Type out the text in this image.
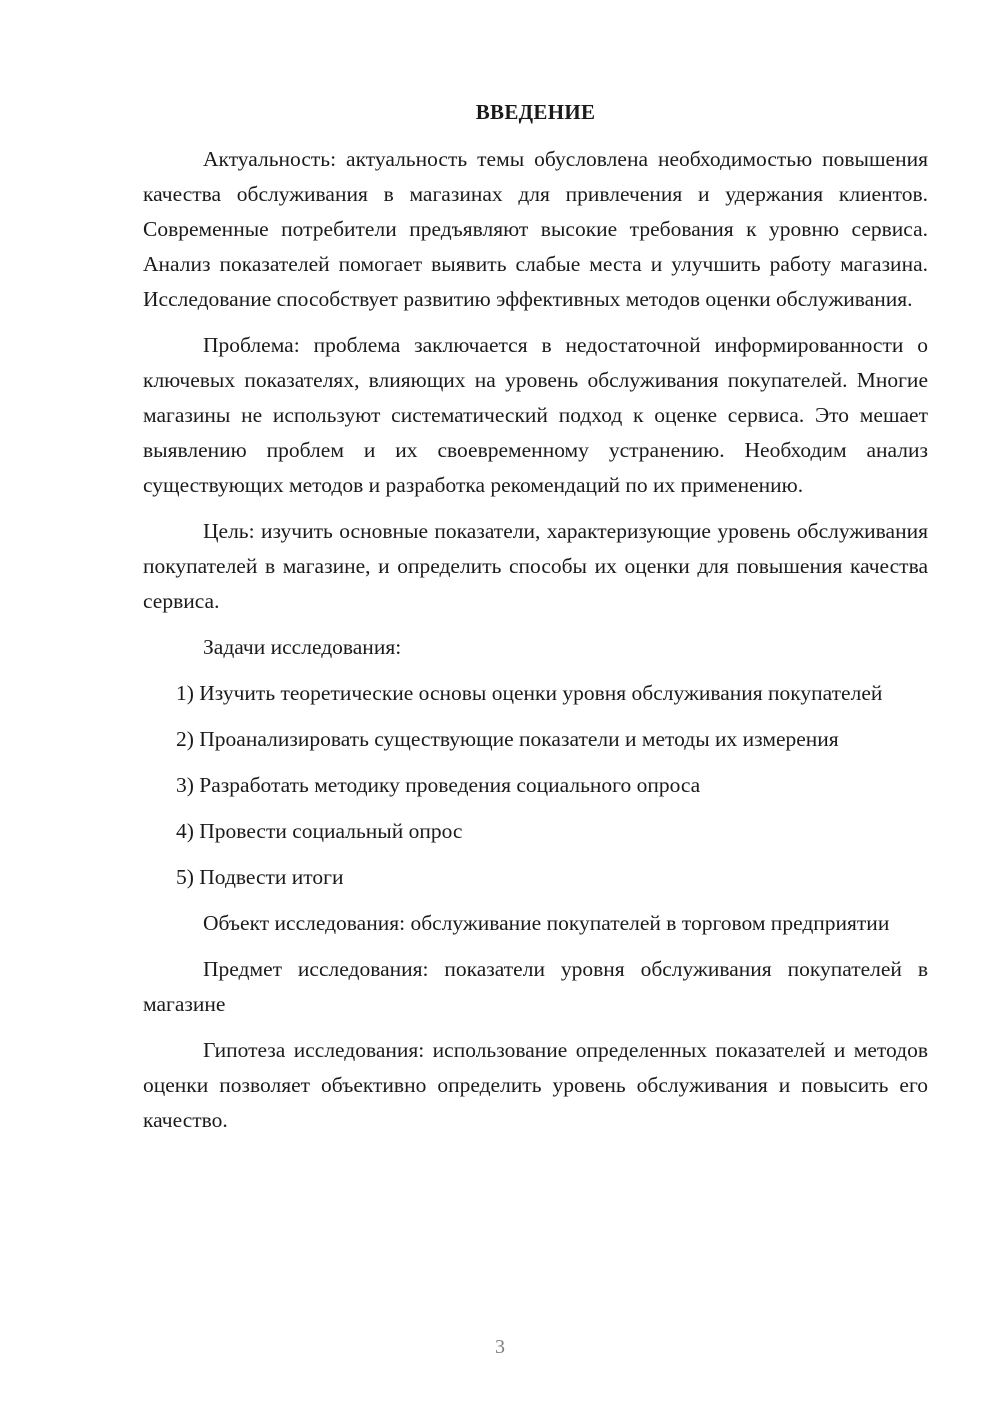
ВВЕДЕНИЕ

Актуальность: актуальность темы обусловлена необходимостью повышения качества обслуживания в магазинах для привлечения и удержания клиентов. Современные потребители предъявляют высокие требования к уровню сервиса. Анализ показателей помогает выявить слабые места и улучшить работу магазина. Исследование способствует развитию эффективных методов оценки обслуживания.

Проблема: проблема заключается в недостаточной информированности о ключевых показателях, влияющих на уровень обслуживания покупателей. Многие магазины не используют систематический подход к оценке сервиса. Это мешает выявлению проблем и их своевременному устранению. Необходим анализ существующих методов и разработка рекомендаций по их применению.

Цель: изучить основные показатели, характеризующие уровень обслуживания покупателей в магазине, и определить способы их оценки для повышения качества сервиса.

Задачи исследования:

1) Изучить теоретические основы оценки уровня обслуживания покупателей

2) Проанализировать существующие показатели и методы их измерения

3) Разработать методику проведения социального опроса

4) Провести социальный опрос

5) Подвести итоги

Объект исследования: обслуживание покупателей в торговом предприятии

Предмет исследования: показатели уровня обслуживания покупателей в магазине

Гипотеза исследования: использование определенных показателей и методов оценки позволяет объективно определить уровень обслуживания и повысить его качество.

3
